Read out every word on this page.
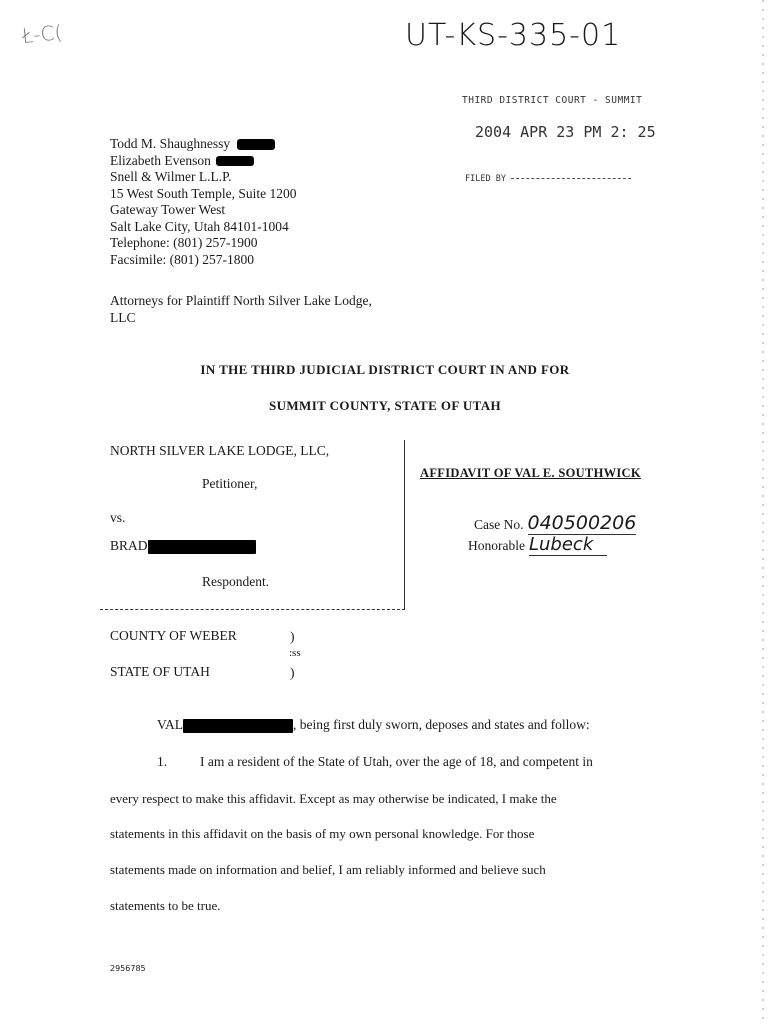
UT-KS-335-01
Ł-C(
THIRD DISTRICT COURT - SUMMIT
2004 APR 23 PM 2: 25
FILED BY
Todd M. Shaughnessy
Elizabeth Evenson
Snell & Wilmer L.L.P.
15 West South Temple, Suite 1200
Gateway Tower West
Salt Lake City, Utah 84101-1004
Telephone: (801) 257-1900
Facsimile: (801) 257-1800
Attorneys for Plaintiff North Silver Lake Lodge,
LLC
IN THE THIRD JUDICIAL DISTRICT COURT IN AND FOR
SUMMIT COUNTY, STATE OF UTAH
NORTH SILVER LAKE LODGE, LLC,
Petitioner,
vs.
BRAD
Respondent.
AFFIDAVIT OF VAL E. SOUTHWICK
Case No. 040500206
Honorable Lubeck
COUNTY OF WEBER	)
:ss
STATE OF UTAH	)
VAL	, being first duly sworn, deposes and states and follow:
1. I am a resident of the State of Utah, over the age of 18, and competent in
every respect to make this affidavit. Except as may otherwise be indicated, I make the
statements in this affidavit on the basis of my own personal knowledge. For those
statements made on information and belief, I am reliably informed and believe such
statements to be true.
2956785
